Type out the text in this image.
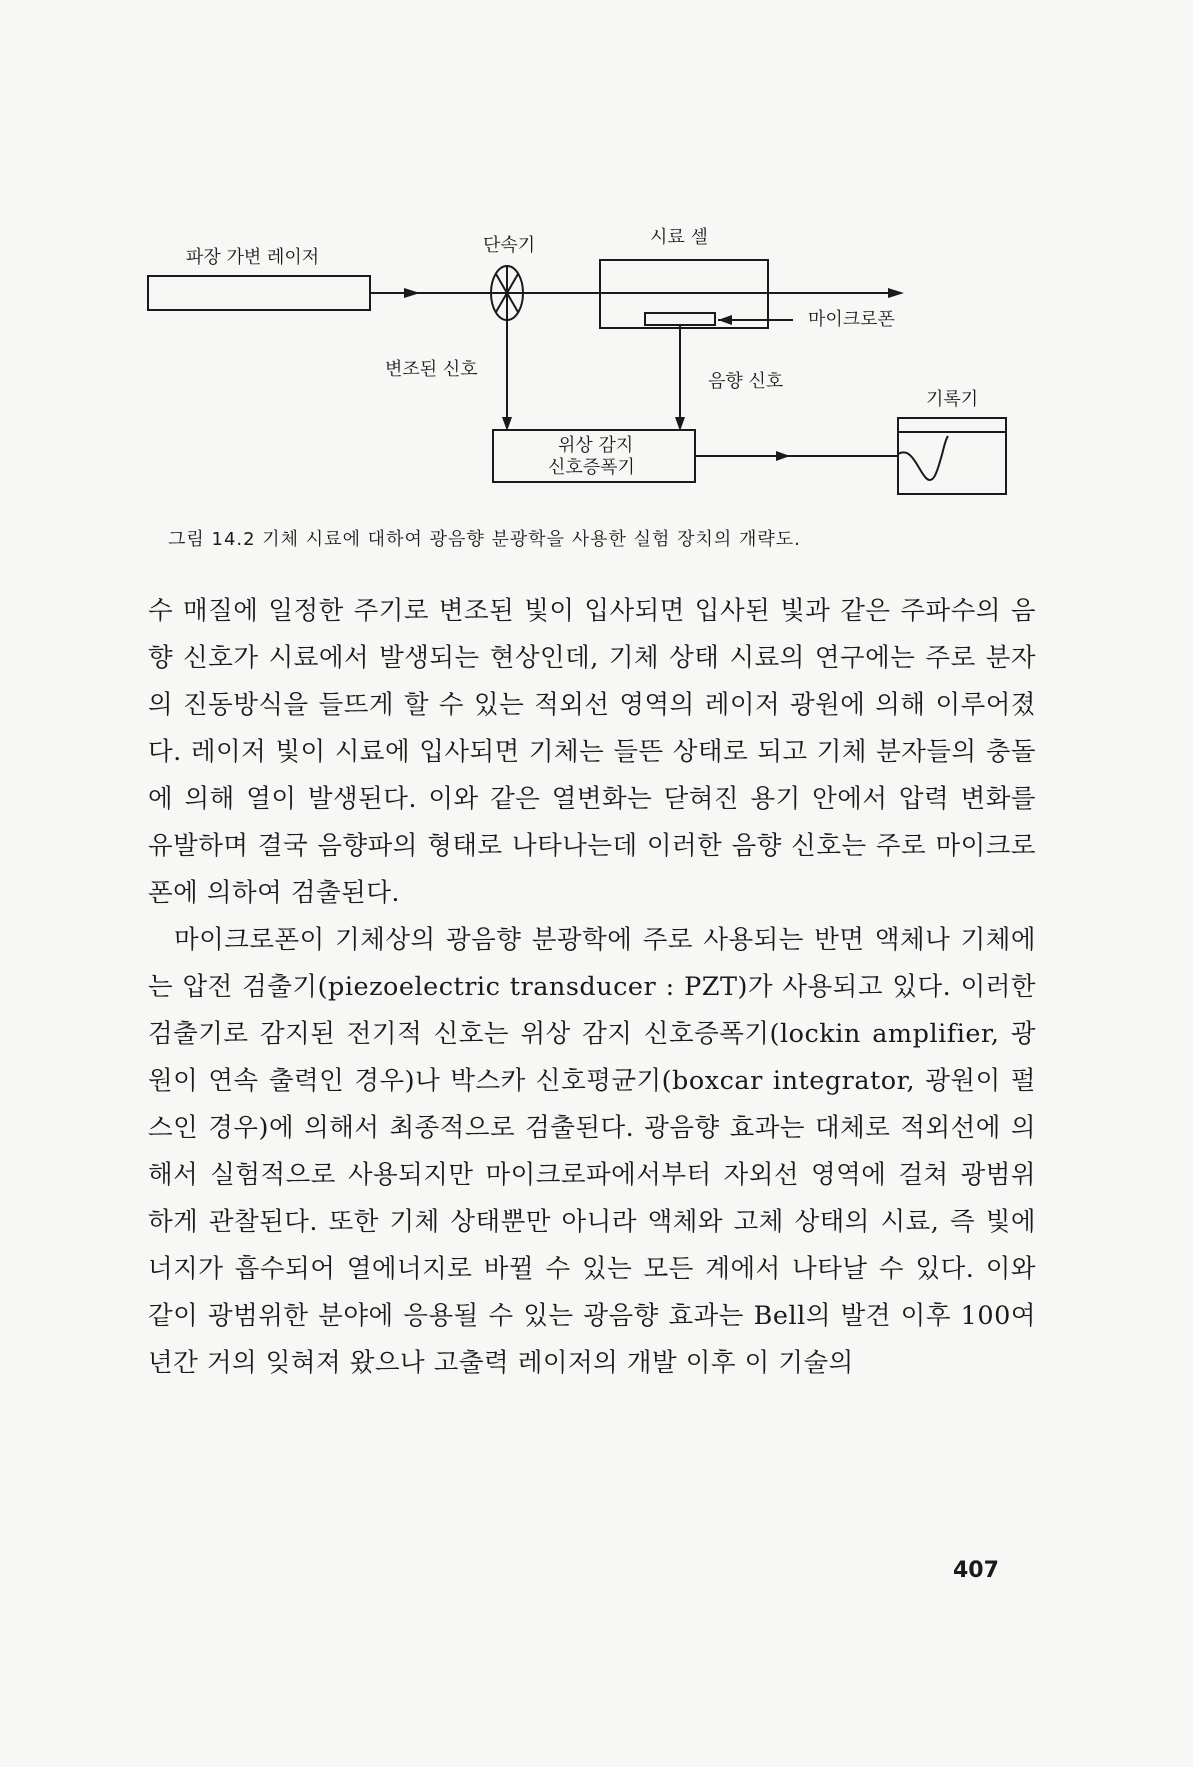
파장 가변 레이저
단속기	시료 셀
마이크로폰
변조된 신호
음향 신호
기록기
위상 감지
신호증폭기
그림 14.2 기체 시료에 대하여 광음향 분광학을 사용한 실험 장치의 개략도.

수 매질에 일정한 주기로 변조된 빛이 입사되면 입사된 빛과 같은 주파수의 음향 신호가 시료에서 발생되는 현상인데, 기체 상태 시료의 연구에는 주로 분자의 진동방식을 들뜨게 할 수 있는 적외선 영역의 레이저 광원에 의해 이루어졌다. 레이저 빛이 시료에 입사되면 기체는 들뜬 상태로 되고 기체 분자들의 충돌에 의해 열이 발생된다. 이와 같은 열변화는 닫혀진 용기 안에서 압력 변화를 유발하며 결국 음향파의 형태로 나타나는데 이러한 음향 신호는 주로 마이크로폰에 의하여 검출된다.

마이크로폰이 기체상의 광음향 분광학에 주로 사용되는 반면 액체나 기체에는 압전 검출기(piezoelectric transducer : PZT)가 사용되고 있다. 이러한 검출기로 감지된 전기적 신호는 위상 감지 신호증폭기(lockin amplifier, 광원이 연속 출력인 경우)나 박스카 신호평균기(boxcar integrator, 광원이 펄스인 경우)에 의해서 최종적으로 검출된다. 광음향 효과는 대체로 적외선에 의해서 실험적으로 사용되지만 마이크로파에서부터 자외선 영역에 걸쳐 광범위하게 관찰된다. 또한 기체 상태뿐만 아니라 액체와 고체 상태의 시료, 즉 빛에너지가 흡수되어 열에너지로 바뀔 수 있는 모든 계에서 나타날 수 있다. 이와 같이 광범위한 분야에 응용될 수 있는 광음향 효과는 Bell의 발견 이후 100여 년간 거의 잊혀져 왔으나 고출력 레이저의 개발 이후 이 기술의

407
